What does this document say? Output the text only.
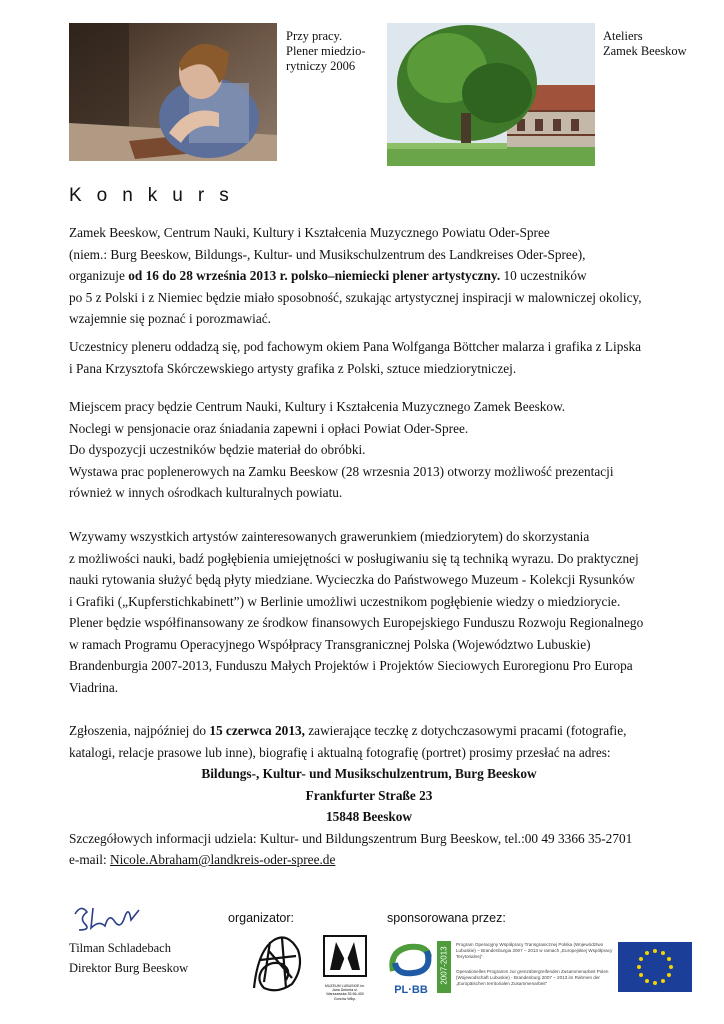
Przy pracy.
Plener miedzio-
rytniczy 2006
Ateliers
Zamek Beeskow
Konkurs

Zamek Beeskow, Centrum Nauki, Kultury i Kształcenia Muzycznego Powiatu Oder-Spree

(niem.: Burg Beeskow, Bildungs-, Kultur- und Musikschulzentrum des Landkreises Oder-Spree),

organizuje od 16 do 28 września 2013 r. polsko–niemiecki plener artystyczny. 10 uczestników

po 5 z Polski i z Niemiec będzie miało sposobność, szukając artystycznej inspiracji w malowniczej okolicy,

wzajemnie się poznać i porozmawiać.

Uczestnicy pleneru oddadzą się, pod fachowym okiem Pana Wolfganga Böttcher malarza i grafika z Lipska

i Pana Krzysztofa Skórczewskiego artysty grafika z Polski, sztuce miedziorytniczej.

Miejscem pracy będzie Centrum Nauki, Kultury i Kształcenia Muzycznego Zamek Beeskow.

Noclegi w pensjonacie oraz śniadania zapewni i opłaci Powiat Oder-Spree.

Do dyspozycji uczestników będzie materiał do obróbki.

Wystawa prac poplenerowych na Zamku Beeskow (28 wrzesnia 2013) otworzy możliwość prezentacji

również w innych ośrodkach kulturalnych powiatu.

Wzywamy wszystkich artystów zainteresowanych grawerunkiem (miedziorytem) do skorzystania

z możliwości nauki, badź pogłębienia umiejętności w posługiwaniu się tą techniką wyrazu. Do praktycznej

nauki rytowania służyć będą płyty miedziane. Wycieczka do Państwowego Muzeum - Kolekcji Rysunków

i Grafiki („Kupferstichkabinett”) w Berlinie umożliwi uczestnikom pogłębienie wiedzy o miedziorycie.

Plener będzie współfinansowany ze środkow finansowych Europejskiego Funduszu Rozwoju Regionalnego

w ramach Programu Operacyjnego Współpracy Transgranicznej Polska (Województwo Lubuskie)

Brandenburgia 2007-2013, Funduszu Małych Projektów i Projektów Sieciowych Euroregionu Pro Europa

Viadrina.

Zgłoszenia, najpóźniej do 15 czerwca 2013, zawierające teczkę z dotychczasowymi pracami (fotografie,

katalogi, relacje prasowe lub inne), biografię i aktualną fotografię (portret) prosimy przesłać na adres:

Bildungs-, Kultur- und Musikschulzentrum, Burg Beeskow

Frankfurter Straße 23

15848 Beeskow

Szczegółowych informacji udziela: Kultur- und Bildungszentrum Burg Beeskow, tel.:00 49 3366 35-2701

e-mail: Nicole.Abraham@landkreis-oder-spree.de

Tilman Schladebach
Direktor Burg Beeskow
organizator:	sponsorowana przez:
MUZEUM LUBUSKIE im. Jana Dekerta ul. Warszawska 35 66-400 Gorzów Wlkp.
PL·BB
2007-2013
Program Operacyjny Współpracy Transgranicznej Polska (Województwo Lubuskie) – Brandenburgia 2007 – 2013 w ramach „Europejskiej Współpracy Terytorialnej”
Operationelles Programm zur grenzübergreifenden Zusammenarbeit Polen (Wojewodschaft Lubuskie) - Brandenburg 2007 – 2013 im Rahmen der „Europäischen territorialen Zusammenarbeit”
